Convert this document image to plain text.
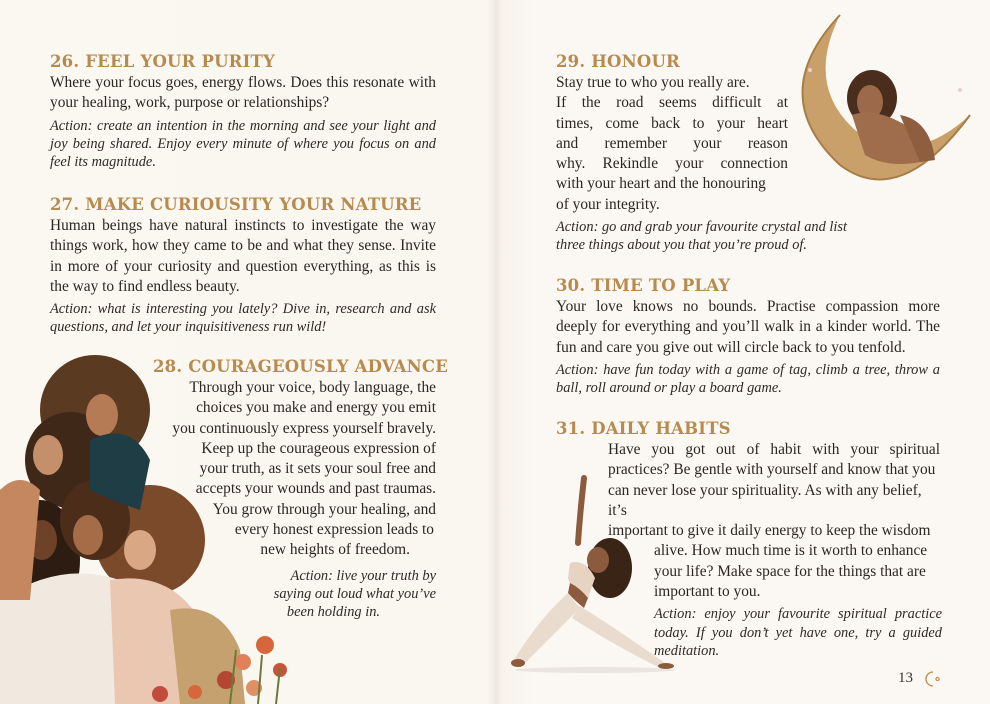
26. FEEL YOUR PURITY

Where your focus goes, energy flows. Does this resonate with your healing, work, purpose or relationships?

Action: create an intention in the morning and see your light and joy being shared. Enjoy every minute of where you focus on and feel its magnitude.

27. MAKE CURIOUSITY YOUR NATURE

Human beings have natural instincts to investigate the way things work, how they came to be and what they sense. Invite in more of your curiosity and question everything, as this is the way to find endless beauty.

Action: what is interesting you lately? Dive in, research and ask questions, and let your inquisitiveness run wild!

28. COURAGEOUSLY ADVANCE
Through your voice, body language, the
choices you make and energy you emit
you continuously express yourself bravely.
Keep up the courageous expression of
your truth, as it sets your soul free and
accepts your wounds and past traumas.
You grow through your healing, and
every honest expression leads to
new heights of freedom.
Action: live your truth by
saying out loud what you’ve
been holding in.
29. HONOUR
Stay true to who you really are.
If the road seems difficult at
times, come back to your heart
and remember your reason
why. Rekindle your connection
with your heart and the honouring
of your integrity.

Action: go and grab your favourite crystal and list three things about you that you’re proud of.

30. TIME TO PLAY

Your love knows no bounds. Practise compassion more deeply for everything and you’ll walk in a kinder world. The fun and care you give out will circle back to you tenfold.

Action: have fun today with a game of tag, climb a tree, throw a ball, roll around or play a board game.

31. DAILY HABITS
Have you got out of habit with your spiritual
practices? Be gentle with yourself and know that you
can never lose your spirituality. As with any belief, it’s
important to give it daily energy to keep the wisdom
alive. How much time is it worth to enhance
your life? Make space for the things that are
important to you.
Action: enjoy your favourite spiritual practice
today. If you don’t yet have one, try a guided
meditation.
13
